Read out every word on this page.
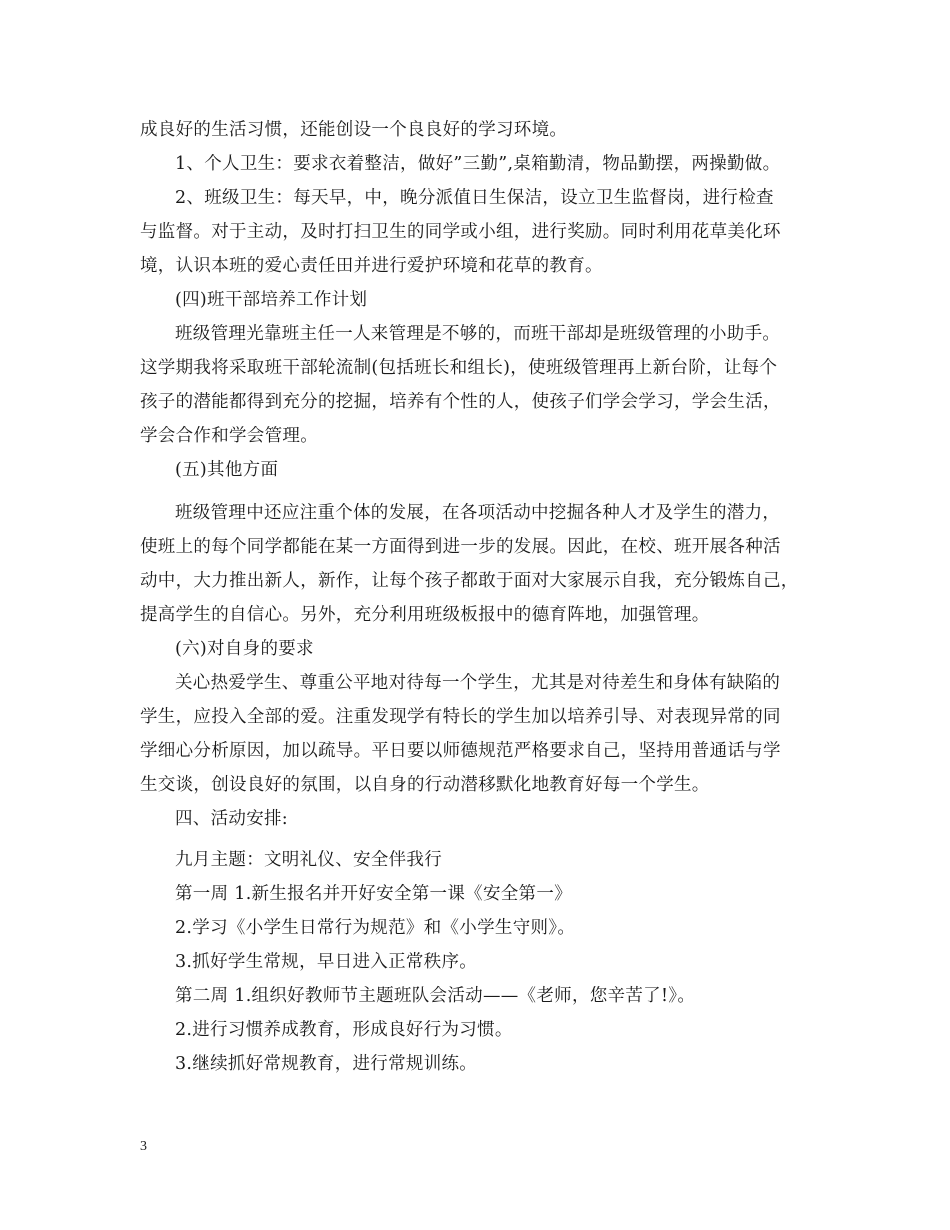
成良好的生活习惯，还能创设一个良良好的学习环境。
1、个人卫生：要求衣着整洁，做好”三勤”,桌箱勤清，物品勤摆，两操勤做。
2、班级卫生：每天早，中，晚分派值日生保洁，设立卫生监督岗，进行检查
与监督。对于主动，及时打扫卫生的同学或小组，进行奖励。同时利用花草美化环
境，认识本班的爱心责任田并进行爱护环境和花草的教育。
(四)班干部培养工作计划
班级管理光靠班主任一人来管理是不够的，而班干部却是班级管理的小助手。
这学期我将采取班干部轮流制(包括班长和组长)，使班级管理再上新台阶，让每个
孩子的潜能都得到充分的挖掘，培养有个性的人，使孩子们学会学习，学会生活，
学会合作和学会管理。
(五)其他方面
班级管理中还应注重个体的发展，在各项活动中挖掘各种人才及学生的潜力，
使班上的每个同学都能在某一方面得到进一步的发展。因此，在校、班开展各种活
动中，大力推出新人，新作，让每个孩子都敢于面对大家展示自我，充分锻炼自己，
提高学生的自信心。另外，充分利用班级板报中的德育阵地，加强管理。
(六)对自身的要求
关心热爱学生、尊重公平地对待每一个学生，尤其是对待差生和身体有缺陷的
学生，应投入全部的爱。注重发现学有特长的学生加以培养引导、对表现异常的同
学细心分析原因，加以疏导。平日要以师德规范严格要求自己，坚持用普通话与学
生交谈，创设良好的氛围，以自身的行动潜移默化地教育好每一个学生。
四、活动安排:
九月主题：文明礼仪、安全伴我行
第一周 1.新生报名并开好安全第一课《安全第一》
2.学习《小学生日常行为规范》和《小学生守则》。
3.抓好学生常规，早日进入正常秩序。
第二周 1.组织好教师节主题班队会活动——《老师，您辛苦了!》。
2.进行习惯养成教育，形成良好行为习惯。
3.继续抓好常规教育，进行常规训练。
3
